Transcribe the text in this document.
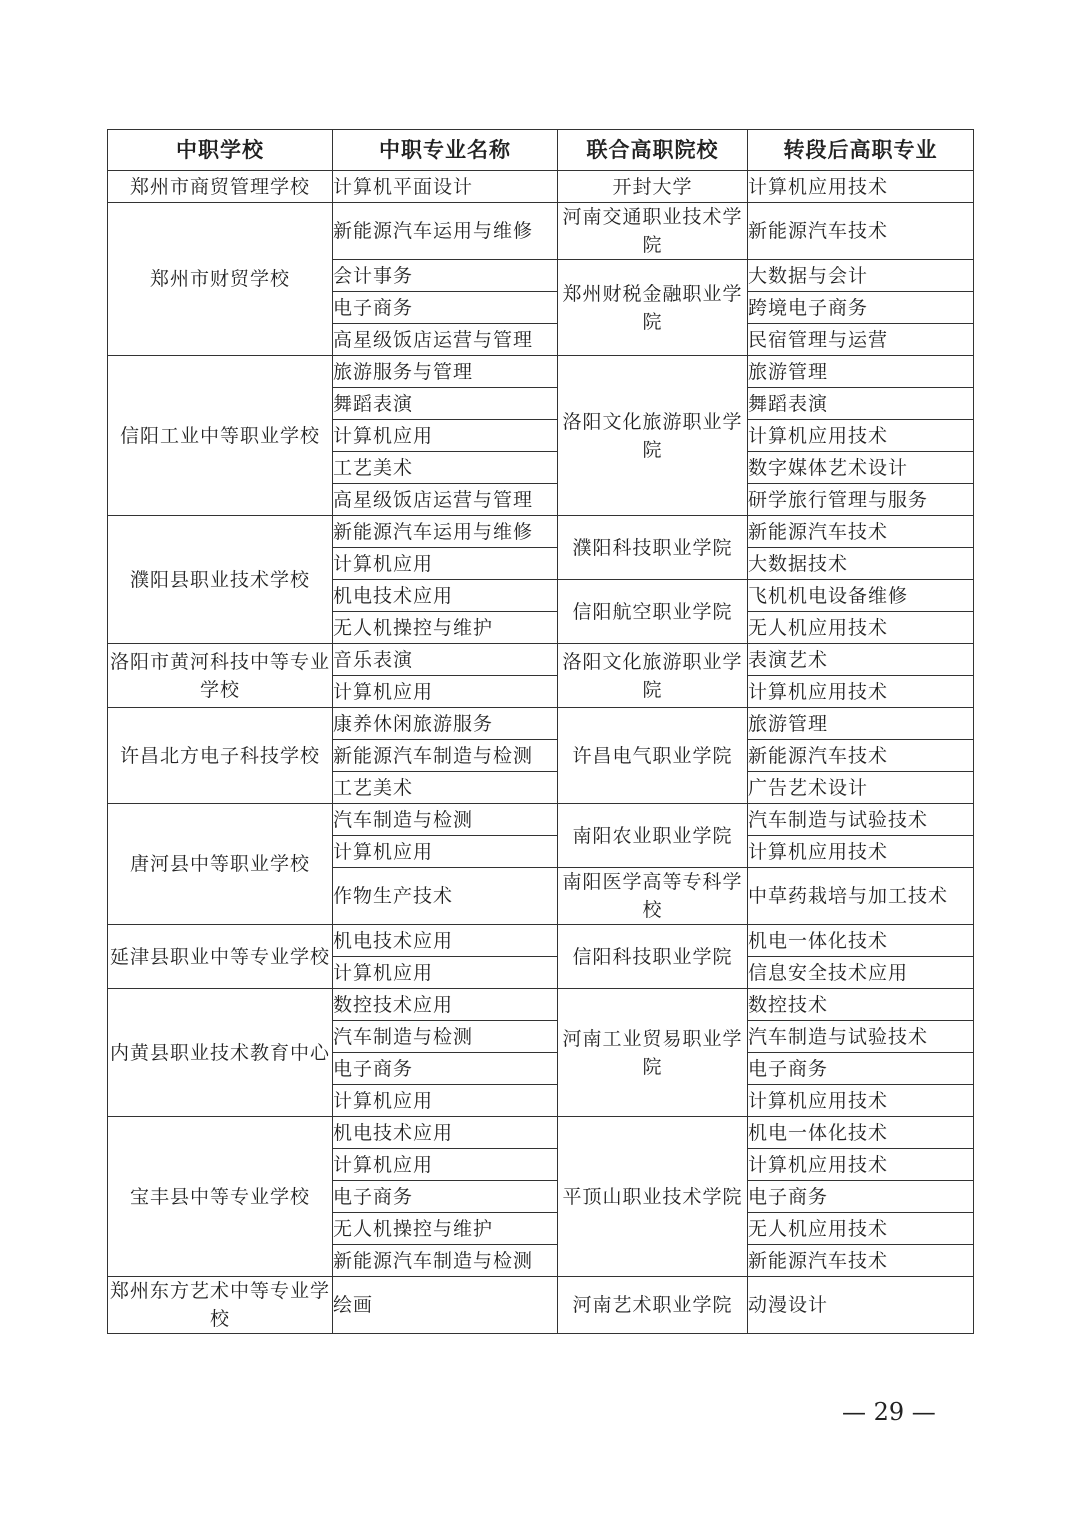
中职学校	中职专业名称	联合高职院校	转段后高职专业
郑州市商贸管理学校	计算机平面设计	开封大学	计算机应用技术
郑州市财贸学校	新能源汽车运用与维修	河南交通职业技术学院	新能源汽车技术
	会计事务	郑州财税金融职业学院	大数据与会计
	电子商务		跨境电子商务
	高星级饭店运营与管理		民宿管理与运营
信阳工业中等职业学校	旅游服务与管理	洛阳文化旅游职业学院	旅游管理
	舞蹈表演		舞蹈表演
	计算机应用		计算机应用技术
	工艺美术		数字媒体艺术设计
	高星级饭店运营与管理		研学旅行管理与服务
濮阳县职业技术学校	新能源汽车运用与维修	濮阳科技职业学院	新能源汽车技术
	计算机应用		大数据技术
	机电技术应用	信阳航空职业学院	飞机机电设备维修
	无人机操控与维护		无人机应用技术
洛阳市黄河科技中等专业学校	音乐表演	洛阳文化旅游职业学院	表演艺术
	计算机应用		计算机应用技术
许昌北方电子科技学校	康养休闲旅游服务	许昌电气职业学院	旅游管理
	新能源汽车制造与检测		新能源汽车技术
	工艺美术		广告艺术设计
唐河县中等职业学校	汽车制造与检测	南阳农业职业学院	汽车制造与试验技术
	计算机应用		计算机应用技术
	作物生产技术	南阳医学高等专科学校	中草药栽培与加工技术
延津县职业中等专业学校	机电技术应用	信阳科技职业学院	机电一体化技术
	计算机应用		信息安全技术应用
内黄县职业技术教育中心	数控技术应用	河南工业贸易职业学院	数控技术
	汽车制造与检测		汽车制造与试验技术
	电子商务		电子商务
	计算机应用		计算机应用技术
宝丰县中等专业学校	机电技术应用	平顶山职业技术学院	机电一体化技术
	计算机应用		计算机应用技术
	电子商务		电子商务
	无人机操控与维护		无人机应用技术
	新能源汽车制造与检测		新能源汽车技术
郑州东方艺术中等专业学校	绘画	河南艺术职业学院	动漫设计
— 29 —
